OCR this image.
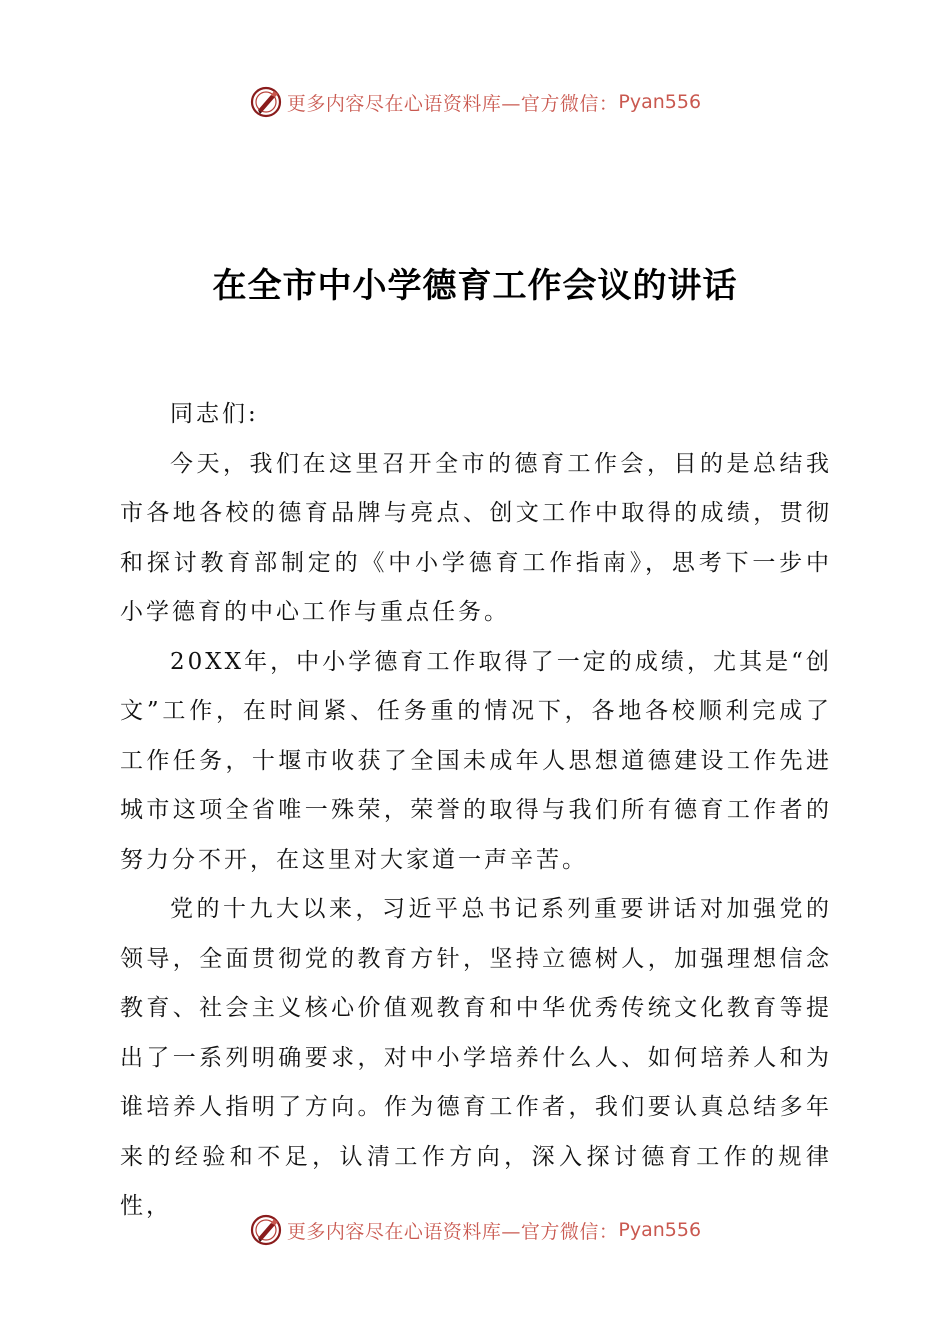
更多内容尽在心语资料库—官方微信： Pyan556
在全市中小学德育工作会议的讲话

同志们:

今天，我们在这里召开全市的德育工作会，目的是总结我市各地各校的德育品牌与亮点、创文工作中取得的成绩，贯彻和探讨教育部制定的《中小学德育工作指南》，思考下一步中小学德育的中心工作与重点任务。

20XX年，中小学德育工作取得了一定的成绩，尤其是“创文”工作，在时间紧、任务重的情况下，各地各校顺利完成了工作任务，十堰市收获了全国未成年人思想道德建设工作先进城市这项全省唯一殊荣，荣誉的取得与我们所有德育工作者的努力分不开，在这里对大家道一声辛苦。

党的十九大以来，习近平总书记系列重要讲话对加强党的领导，全面贯彻党的教育方针，坚持立德树人，加强理想信念教育、社会主义核心价值观教育和中华优秀传统文化教育等提出了一系列明确要求，对中小学培养什么人、如何培养人和为谁培养人指明了方向。作为德育工作者，我们要认真总结多年来的经验和不足，认清工作方向，深入探讨德育工作的规律性，

更多内容尽在心语资料库—官方微信： Pyan556
